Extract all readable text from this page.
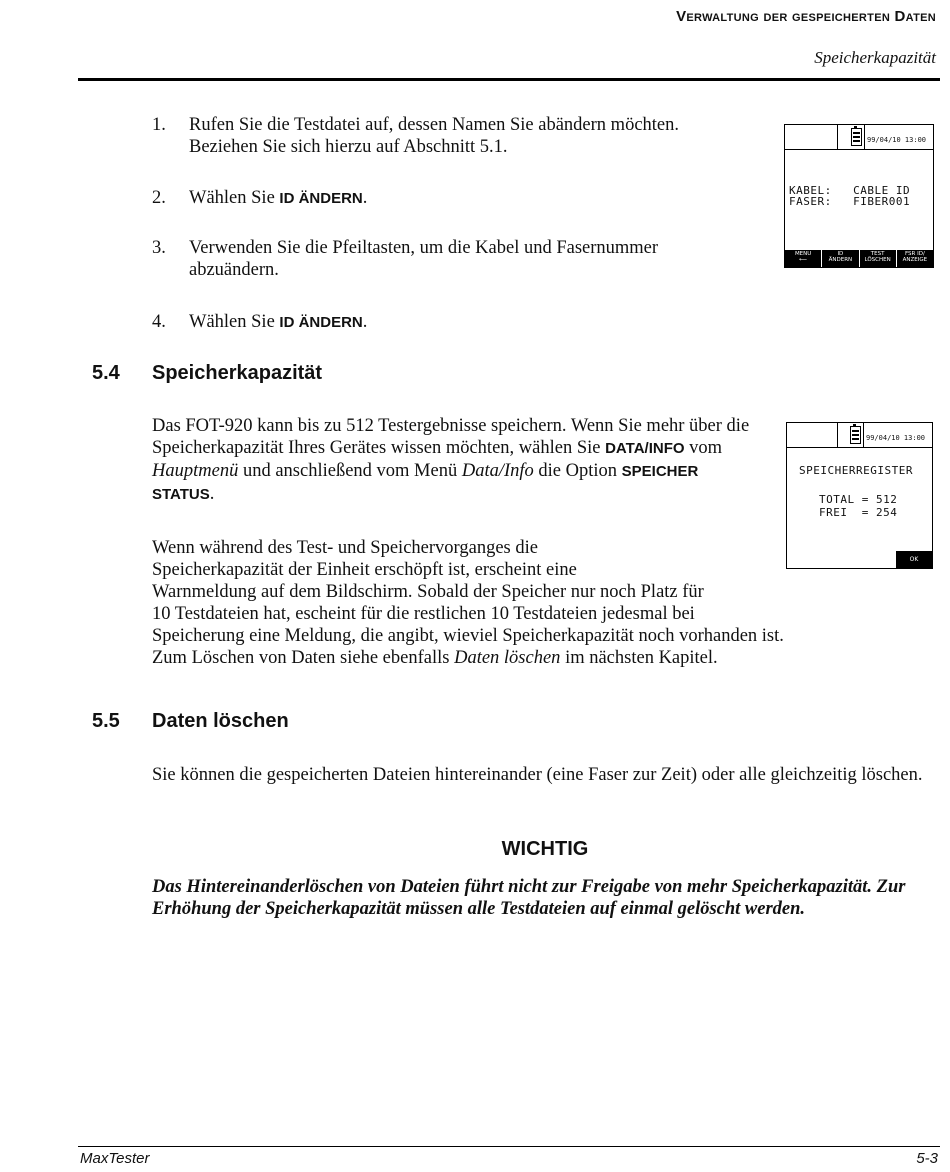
Verwaltung der gespeicherten Daten
Speicherkapazität
1. Rufen Sie die Testdatei auf, dessen Namen Sie abändern möchten. Beziehen Sie sich hierzu auf Abschnitt 5.1.
2. Wählen Sie ID ÄNDERN.
3. Verwenden Sie die Pfeiltasten, um die Kabel und Fasernummer abzuändern.
4. Wählen Sie ID ÄNDERN.
99/04/10 13:00
KABEL:   CABLE ID
FASER:   FIBER001
MENU
⟵
ID
ÄNDERN
TEST
LÖSCHEN
FSR ID/
ANZEIGE
5.4 Speicherkapazität

Das FOT-920 kann bis zu 512 Testergebnisse speichern. Wenn Sie mehr über die Speicherkapazität Ihres Gerätes wissen möchten, wählen Sie DATA/INFO vom Hauptmenü und anschließend vom Menü Data/Info die Option SPEICHER STATUS.

Wenn während des Test- und Speichervorganges die
Speicherkapazität der Einheit erschöpft ist, erscheint eine
Warnmeldung auf dem Bildschirm. Sobald der Speicher nur noch Platz für
10 Testdateien hat, escheint für die restlichen 10 Testdateien jedesmal bei
Speicherung eine Meldung, die angibt, wieviel Speicherkapazität noch vorhanden ist.
Zum Löschen von Daten siehe ebenfalls Daten löschen im nächsten Kapitel.
99/04/10 13:00
SPEICHERREGISTER
TOTAL = 512
FREI  = 254
OK
5.5 Daten löschen

Sie können die gespeicherten Dateien hintereinander (eine Faser zur Zeit) oder alle gleichzeitig löschen.

WICHTIG

Das Hintereinanderlöschen von Dateien führt nicht zur Freigabe von mehr Speicherkapazität. Zur Erhöhung der Speicherkapazität müssen alle Testdateien auf einmal gelöscht werden.

MaxTester	5-3
